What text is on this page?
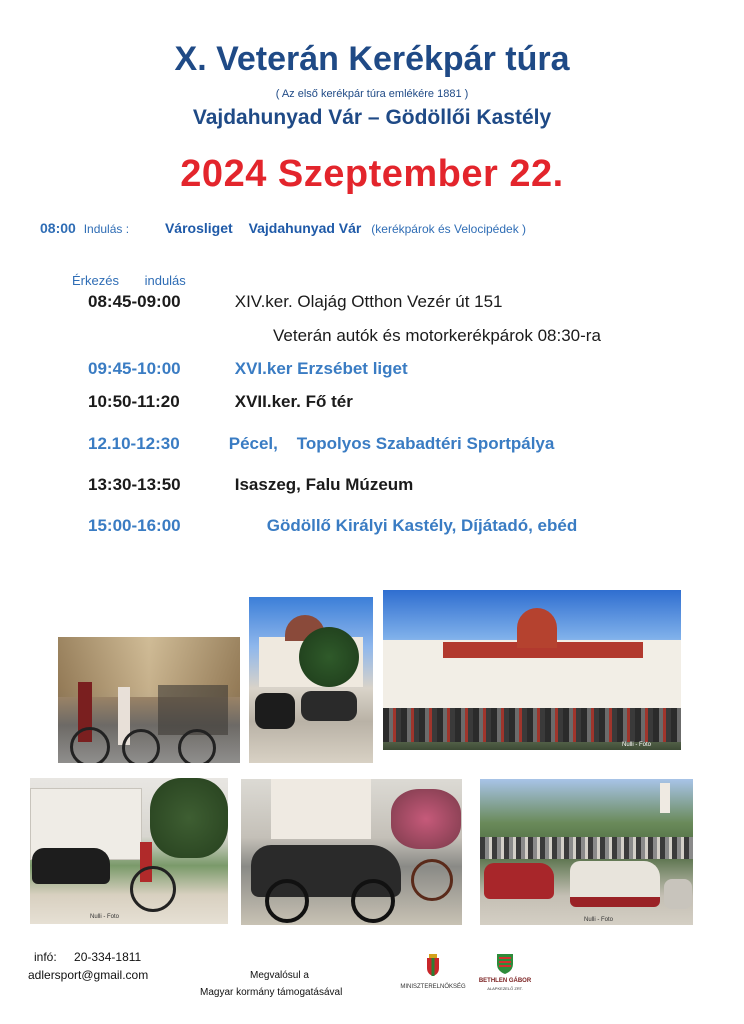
X. Veterán Kerékpár túra
( Az első kerékpár túra emlékére 1881 )
Vajdahunyad Vár – Gödöllői Kastély
2024 Szeptember 22.
08:00 Indulás :	Városliget Vajdahunyad Vár (kerékpárok és Velocipédek )
Érkezés indulás
08:45-09:00	XIV.ker. Olajág Otthon Vezér út 151
Veterán autók és motorkerékpárok 08:30-ra
09:45-10:00	XVI.ker Erzsébet liget
10:50-11:20	XVII.ker. Fő tér
12.10-12:30	Pécel,    Topolyos Szabadtéri Sportpálya
13:30-13:50	Isaszeg, Falu Múzeum
15:00-16:00	Gödöllő Királyi Kastély, Díjátadó, ebéd
Nulli - Foto
Nulli - Foto	Nulli - Foto
infó: 20-334-1811
adlersport@gmail.com	Megvalósul a
Magyar kormány támogatásával	MINISZTERELNÖKSÉG
BETHLEN GÁBOR
ALAPKEZELŐ ZRT.
